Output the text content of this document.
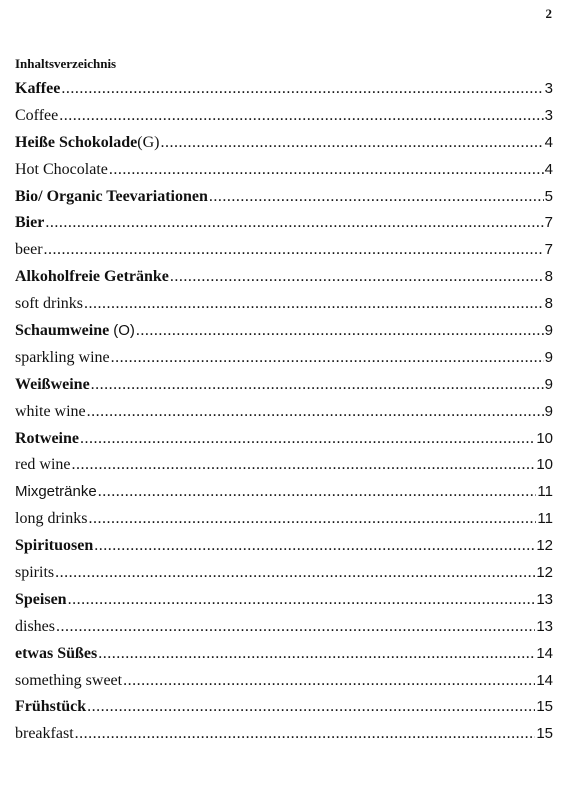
2
Inhaltsverzeichnis
Kaffee .....	3
Coffee .....	3
Heiße Schokolade(G) .....	4
Hot Chocolate .....	4
Bio/ Organic Teevariationen .....	5
Bier .....	7
beer .....	7
Alkoholfreie Getränke .....	8
soft drinks .....	8
Schaumweine (O) .....	9
sparkling wine .....	9
Weißweine .....	9
white wine .....	9
Rotweine .....	10
red wine .....	10
Mixgetränke .....	11
long drinks .....	11
Spirituosen .....	12
spirits .....	12
Speisen .....	13
dishes .....	13
etwas Süßes .....	14
something sweet .....	14
Frühstück .....	15
breakfast .....	15
